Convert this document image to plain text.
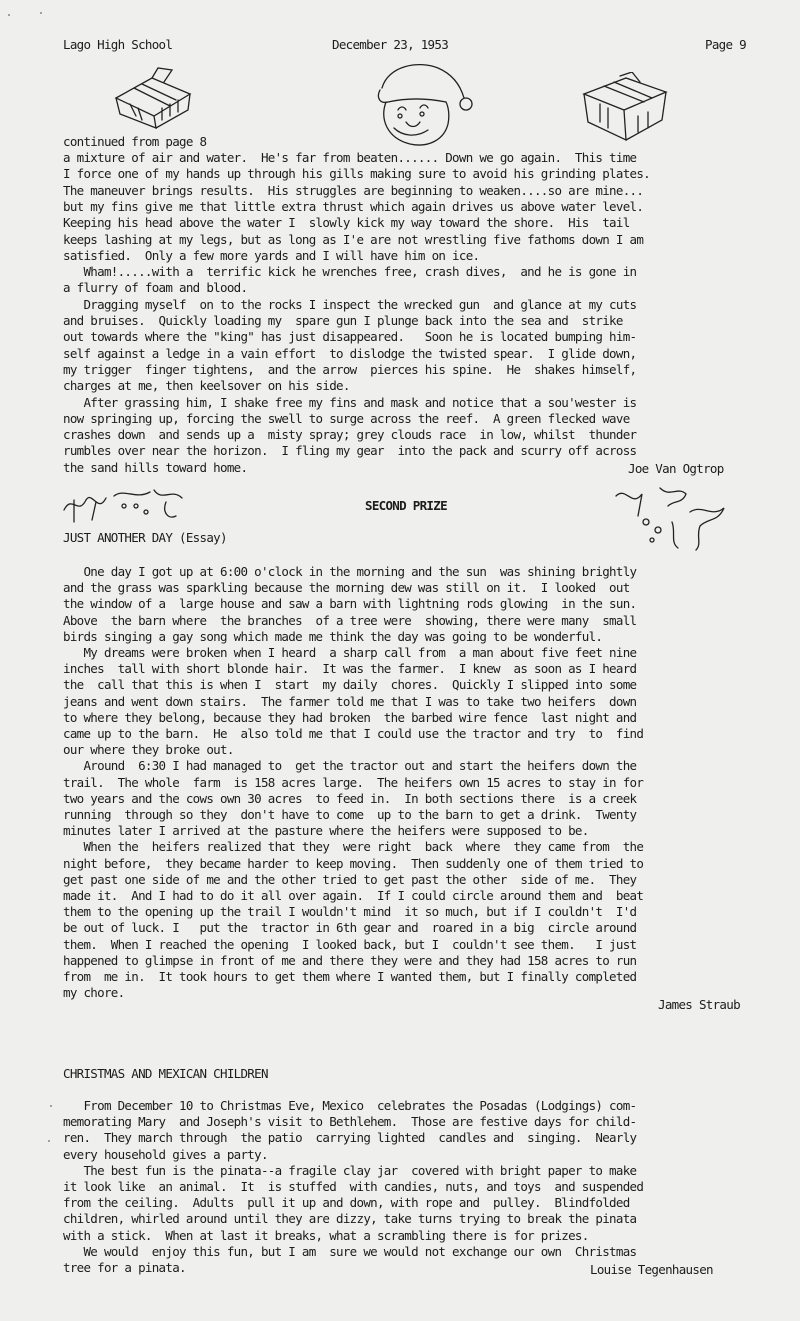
Lago High School	December 23, 1953	Page 9
continued from page 8
a mixture of air and water.  He's far from beaten...... Down we go again.  This time
I force one of my hands up through his gills making sure to avoid his grinding plates.
The maneuver brings results.  His struggles are beginning to weaken....so are mine...
but my fins give me that little extra thrust which again drives us above water level.
Keeping his head above the water I  slowly kick my way toward the shore.  His  tail
keeps lashing at my legs, but as long as I'e are not wrestling five fathoms down I am
satisfied.  Only a few more yards and I will have him on ice.
Wham!.....with a  terrific kick he wrenches free, crash dives,  and he is gone in
a flurry of foam and blood.
Dragging myself  on to the rocks I inspect the wrecked gun  and glance at my cuts
and bruises.  Quickly loading my  spare gun I plunge back into the sea and  strike
out towards where the "king" has just disappeared.   Soon he is located bumping him-
self against a ledge in a vain effort  to dislodge the twisted spear.  I glide down,
my trigger  finger tightens,  and the arrow  pierces his spine.  He  shakes himself,
charges at me, then keelsover on his side.
After grassing him, I shake free my fins and mask and notice that a sou'wester is
now springing up, forcing the swell to surge across the reef.  A green flecked wave
crashes down  and sends up a  misty spray; grey clouds race  in low, whilst  thunder
rumbles over near the horizon.  I fling my gear  into the pack and scurry off across
the sand hills toward home.	Joe Van Ogtrop
SECOND PRIZE
JUST ANOTHER DAY (Essay)
One day I got up at 6:00 o'clock in the morning and the sun  was shining brightly
and the grass was sparkling because the morning dew was still on it.  I looked  out
the window of a  large house and saw a barn with lightning rods glowing  in the sun.
Above  the barn where  the branches  of a tree were  showing, there were many  small
birds singing a gay song which made me think the day was going to be wonderful.
My dreams were broken when I heard  a sharp call from  a man about five feet nine
inches  tall with short blonde hair.  It was the farmer.  I knew  as soon as I heard
the  call that this is when I  start  my daily  chores.  Quickly I slipped into some
jeans and went down stairs.  The farmer told me that I was to take two heifers  down
to where they belong, because they had broken  the barbed wire fence  last night and
came up to the barn.  He  also told me that I could use the tractor and try  to  find
our where they broke out.
Around  6:30 I had managed to  get the tractor out and start the heifers down the
trail.  The whole  farm  is 158 acres large.  The heifers own 15 acres to stay in for
two years and the cows own 30 acres  to feed in.  In both sections there  is a creek
running  through so they  don't have to come  up to the barn to get a drink.  Twenty
minutes later I arrived at the pasture where the heifers were supposed to be.
When the  heifers realized that they  were right  back  where  they came from  the
night before,  they became harder to keep moving.  Then suddenly one of them tried to
get past one side of me and the other tried to get past the other  side of me.  They
made it.  And I had to do it all over again.  If I could circle around them and  beat
them to the opening up the trail I wouldn't mind  it so much, but if I couldn't  I'd
be out of luck. I   put the  tractor in 6th gear and  roared in a big  circle around
them.  When I reached the opening  I looked back, but I  couldn't see them.   I just
happened to glimpse in front of me and there they were and they had 158 acres to run
from  me in.  It took hours to get them where I wanted them, but I finally completed
my chore.
James Straub
CHRISTMAS AND MEXICAN CHILDREN
From December 10 to Christmas Eve, Mexico  celebrates the Posadas (Lodgings) com-
memorating Mary  and Joseph's visit to Bethlehem.  Those are festive days for child-
ren.  They march through  the patio  carrying lighted  candles and  singing.  Nearly
every household gives a party.
The best fun is the pinata--a fragile clay jar  covered with bright paper to make
it look like  an animal.  It  is stuffed  with candies, nuts, and toys  and suspended
from the ceiling.  Adults  pull it up and down, with rope and  pulley.  Blindfolded
children, whirled around until they are dizzy, take turns trying to break the pinata
with a stick.  When at last it breaks, what a scrambling there is for prizes.
We would  enjoy this fun, but I am  sure we would not exchange our own  Christmas
tree for a pinata.	Louise Tegenhausen
